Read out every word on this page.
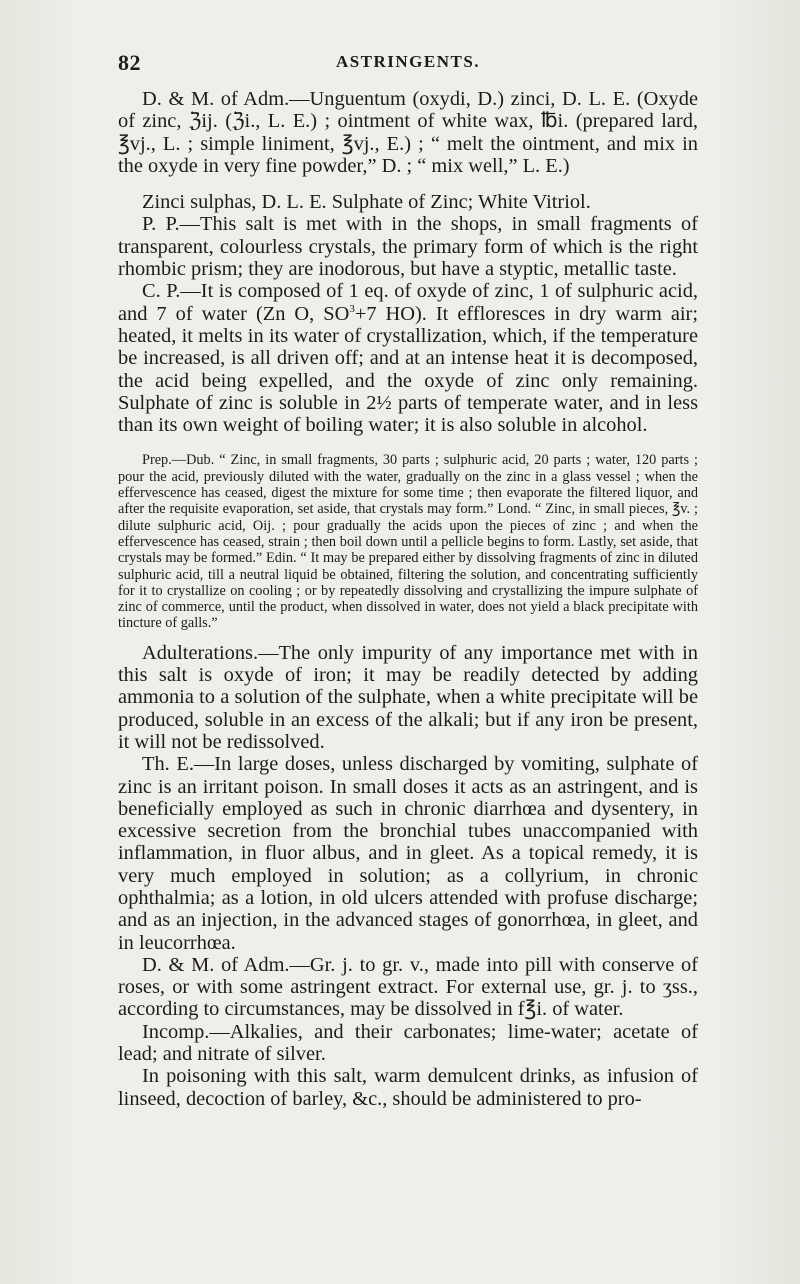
82	ASTRINGENTS.

D. & M. of Adm.—Unguentum (oxydi, D.) zinci, D. L. E. (Oxyde of zinc, ℨij. (ℨi., L. E.) ; ointment of white wax, ℔i. (prepared lard, ℥vj., L. ; simple liniment, ℥vj., E.) ; “ melt the ointment, and mix in the oxyde in very fine powder,” D. ; “ mix well,” L. E.)

Zinci sulphas, D. L. E. Sulphate of Zinc; White Vitriol.

P. P.—This salt is met with in the shops, in small fragments of transparent, colourless crystals, the primary form of which is the right rhombic prism; they are inodorous, but have a styptic, metallic taste.

C. P.—It is composed of 1 eq. of oxyde of zinc, 1 of sulphuric acid, and 7 of water (Zn O, $SO^3+7$ HO). It effloresces in dry warm air; heated, it melts in its water of crystallization, which, if the temperature be increased, is all driven off; and at an intense heat it is decomposed, the acid being expelled, and the oxyde of zinc only remaining. Sulphate of zinc is soluble in 2½ parts of temperate water, and in less than its own weight of boiling water; it is also soluble in alcohol.

Prep.—Dub. “ Zinc, in small fragments, 30 parts ; sulphuric acid, 20 parts ; water, 120 parts ; pour the acid, previously diluted with the water, gradually on the zinc in a glass vessel ; when the effervescence has ceased, digest the mixture for some time ; then evaporate the filtered liquor, and after the requisite evaporation, set aside, that crystals may form.” Lond. “ Zinc, in small pieces, ℥v. ; dilute sulphuric acid, Oij. ; pour gradually the acids upon the pieces of zinc ; and when the effervescence has ceased, strain ; then boil down until a pellicle begins to form. Lastly, set aside, that crystals may be formed.” Edin. “ It may be prepared either by dissolving fragments of zinc in diluted sulphuric acid, till a neutral liquid be obtained, filtering the solution, and concentrating sufficiently for it to crystallize on cooling ; or by repeatedly dissolving and crystallizing the impure sulphate of zinc of commerce, until the product, when dissolved in water, does not yield a black precipitate with tincture of galls.”

Adulterations.—The only impurity of any importance met with in this salt is oxyde of iron; it may be readily detected by adding ammonia to a solution of the sulphate, when a white precipitate will be produced, soluble in an excess of the alkali; but if any iron be present, it will not be redissolved.

Th. E.—In large doses, unless discharged by vomiting, sulphate of zinc is an irritant poison. In small doses it acts as an astringent, and is beneficially employed as such in chronic diarrhœa and dysentery, in excessive secretion from the bronchial tubes unaccompanied with inflammation, in fluor albus, and in gleet. As a topical remedy, it is very much employed in solution; as a collyrium, in chronic ophthalmia; as a lotion, in old ulcers attended with profuse discharge; and as an injection, in the advanced stages of gonorrhœa, in gleet, and in leucorrhœa.

D. & M. of Adm.—Gr. j. to gr. v., made into pill with conserve of roses, or with some astringent extract. For external use, gr. j. to ʒss., according to circumstances, may be dissolved in f℥i. of water.

Incomp.—Alkalies, and their carbonates; lime-water; acetate of lead; and nitrate of silver.

In poisoning with this salt, warm demulcent drinks, as infusion of linseed, decoction of barley, &c., should be administered to pro-
